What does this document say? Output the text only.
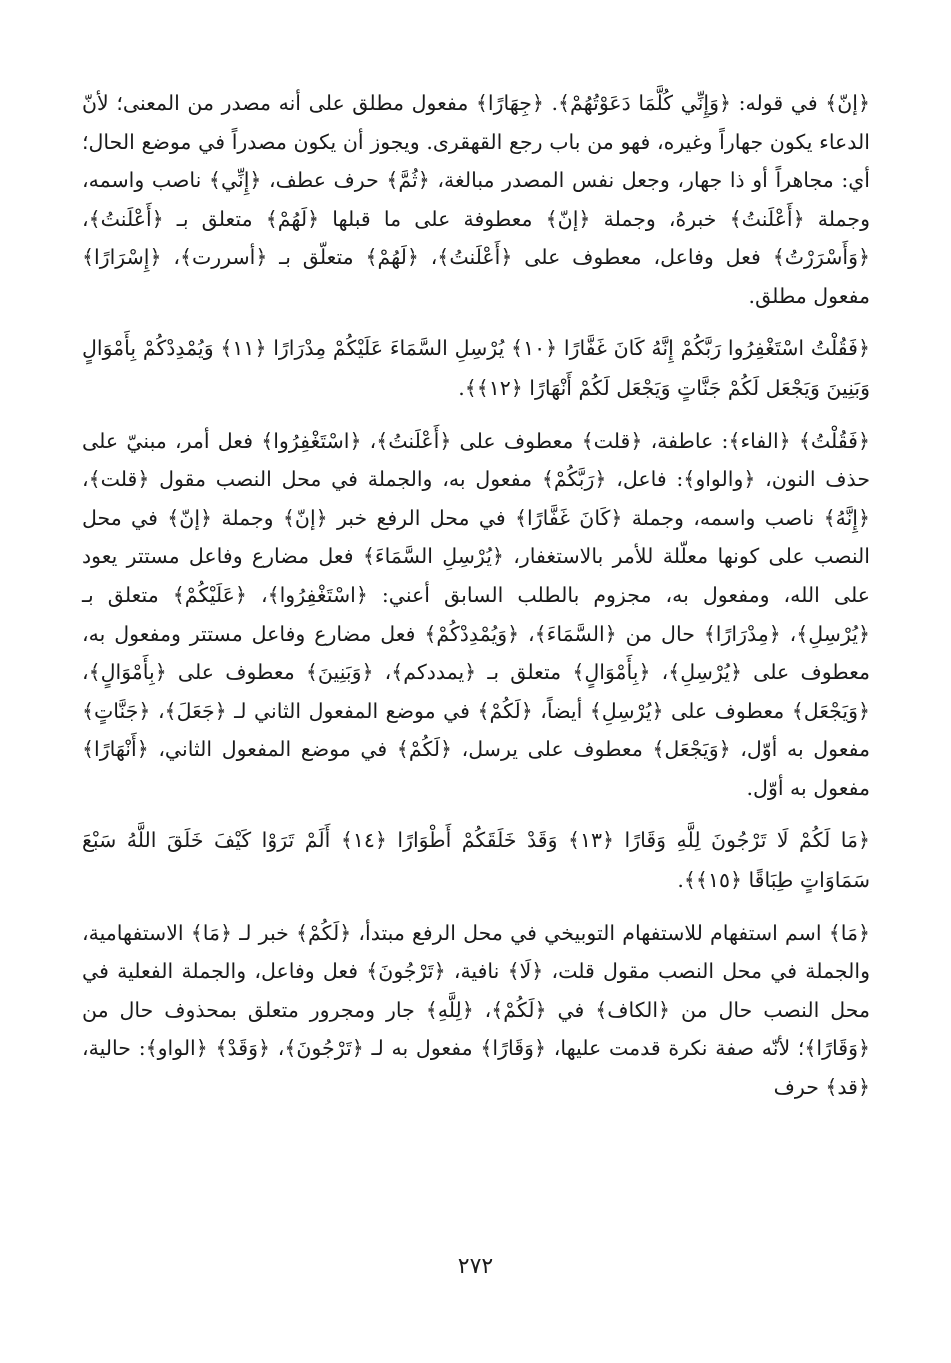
﴿إنّ﴾ في قوله: ﴿وَإِنِّي كُلَّمَا دَعَوْتُهُمْ﴾. ﴿جِهَارًا﴾ مفعول مطلق على أنه مصدر من المعنى؛ لأنّ الدعاء يكون جهاراً وغيره، فهو من باب رجع القهقرى. ويجوز أن يكون مصدراً في موضع الحال؛ أي: مجاهراً أو ذا جهار، وجعل نفس المصدر مبالغة، ﴿ثُمَّ﴾ حرف عطف، ﴿إِنِّي﴾ ناصب واسمه، وجملة ﴿أَعْلَنتُ﴾ خبرهُ، وجملة ﴿إنّ﴾ معطوفة على ما قبلها ﴿لَهُمْ﴾ متعلق بـ ﴿أَعْلَنتُ﴾، ﴿وَأَسْرَرْتُ﴾ فعل وفاعل، معطوف على ﴿أَعْلَنتُ﴾، ﴿لَهُمْ﴾ متعلّق بـ ﴿أسررت﴾، ﴿إِسْرَارًا﴾ مفعول مطلق.

﴿فَقُلْتُ اسْتَغْفِرُوا رَبَّكُمْ إِنَّهُ كَانَ غَفَّارًا ﴿١٠﴾ يُرْسِلِ السَّمَاءَ عَلَيْكُمْ مِدْرَارًا ﴿١١﴾ وَيُمْدِدْكُمْ بِأَمْوَالٍ وَبَنِينَ وَيَجْعَل لَكُمْ جَنَّاتٍ وَيَجْعَل لَكُمْ أَنْهَارًا ﴿١٢﴾﴾.

﴿فَقُلْتُ﴾ ﴿الفاء﴾: عاطفة، ﴿قلت﴾ معطوف على ﴿أَعْلَنتُ﴾، ﴿اسْتَغْفِرُوا﴾ فعل أمر، مبنيّ على حذف النون، ﴿والواو﴾: فاعل، ﴿رَبَّكُمْ﴾ مفعول به، والجملة في محل النصب مقول ﴿قلت﴾، ﴿إِنَّهُ﴾ ناصب واسمه، وجملة ﴿كَانَ غَفَّارًا﴾ في محل الرفع خبر ﴿إنّ﴾ وجملة ﴿إنّ﴾ في محل النصب على كونها معلّلة للأمر بالاستغفار، ﴿يُرْسِلِ السَّمَاءَ﴾ فعل مضارع وفاعل مستتر يعود على الله، ومفعول به، مجزوم بالطلب السابق أعني: ﴿اسْتَغْفِرُوا﴾، ﴿عَلَيْكُمْ﴾ متعلق بـ ﴿يُرْسِلِ﴾، ﴿مِدْرَارًا﴾ حال من ﴿السَّمَاءَ﴾، ﴿وَيُمْدِدْكُمْ﴾ فعل مضارع وفاعل مستتر ومفعول به، معطوف على ﴿يُرْسِلِ﴾، ﴿بِأَمْوَالٍ﴾ متعلق بـ ﴿يمددكم﴾، ﴿وَبَنِينَ﴾ معطوف على ﴿بِأَمْوَالٍ﴾، ﴿وَيَجْعَل﴾ معطوف على ﴿يُرْسِلِ﴾ أيضاً، ﴿لَكُمْ﴾ في موضع المفعول الثاني لـ ﴿جَعَلَ﴾، ﴿جَنَّاتٍ﴾ مفعول به أوّل، ﴿وَيَجْعَل﴾ معطوف على يرسل، ﴿لَكُمْ﴾ في موضع المفعول الثاني، ﴿أَنْهَارًا﴾ مفعول به أوّل.

﴿مَا لَكُمْ لَا تَرْجُونَ لِلَّهِ وَقَارًا ﴿١٣﴾ وَقَدْ خَلَقَكُمْ أَطْوَارًا ﴿١٤﴾ أَلَمْ تَرَوْا كَيْفَ خَلَقَ اللَّهُ سَبْعَ سَمَاوَاتٍ طِبَاقًا ﴿١٥﴾﴾.

﴿مَا﴾ اسم استفهام للاستفهام التوبيخي في محل الرفع مبتدأ، ﴿لَكُمْ﴾ خبر لـ ﴿مَا﴾ الاستفهامية، والجملة في محل النصب مقول قلت، ﴿لَا﴾ نافية، ﴿تَرْجُونَ﴾ فعل وفاعل، والجملة الفعلية في محل النصب حال من ﴿الكاف﴾ في ﴿لَكُمْ﴾، ﴿لِلَّهِ﴾ جار ومجرور متعلق بمحذوف حال من ﴿وَقَارًا﴾؛ لأنّه صفة نكرة قدمت عليها، ﴿وَقَارًا﴾ مفعول به لـ ﴿تَرْجُونَ﴾، ﴿وَقَدْ﴾ ﴿الواو﴾: حالية، ﴿قد﴾ حرف

٢٧٢
